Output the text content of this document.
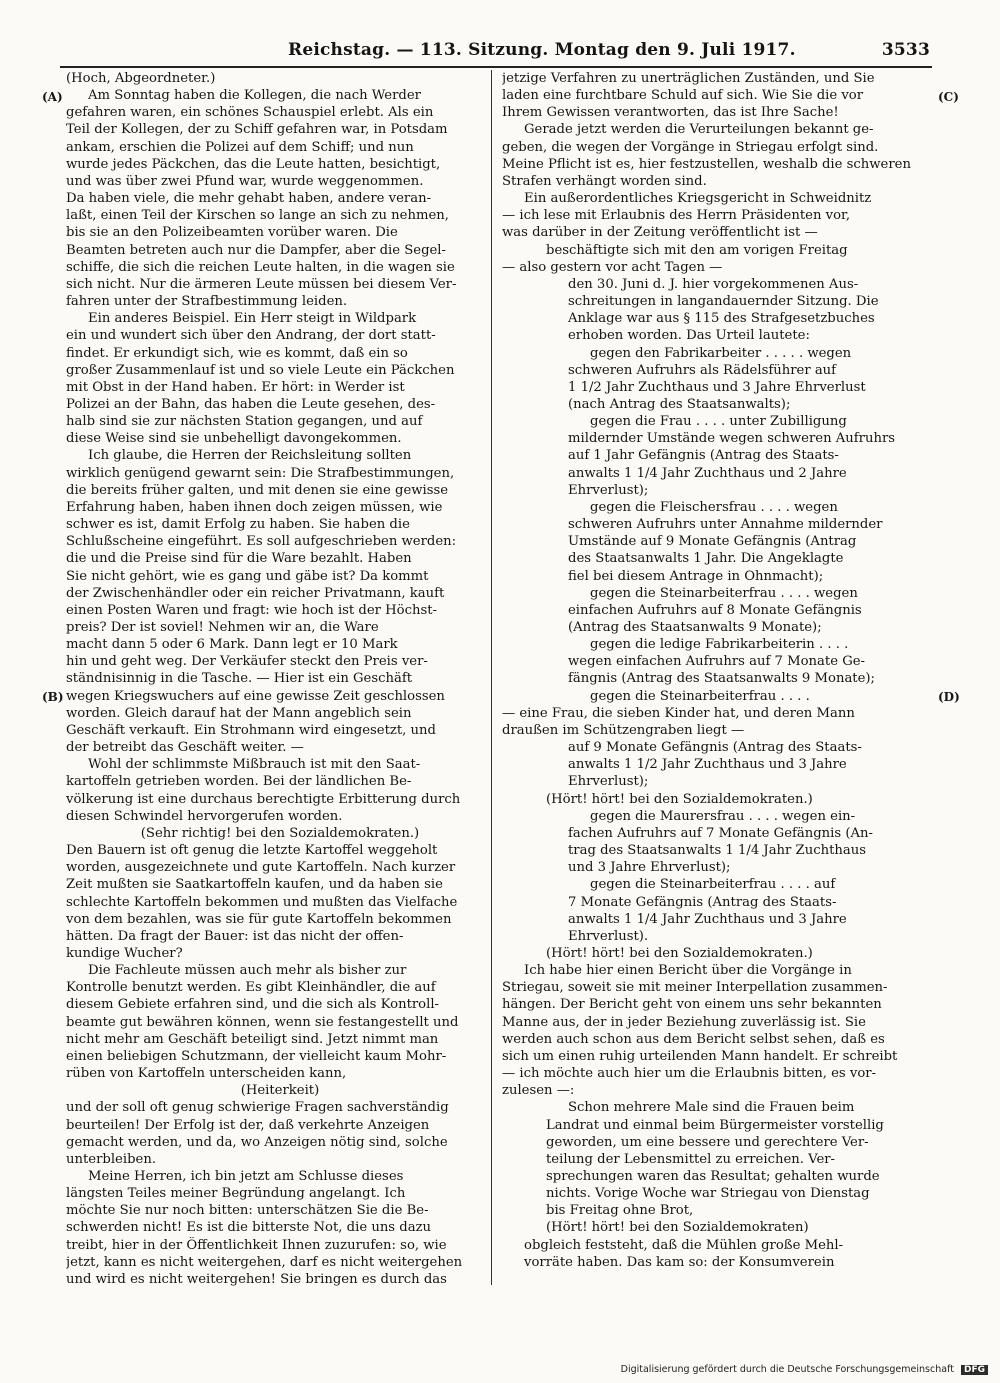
Reichstag. — 113. Sitzung. Montag den 9. Juli 1917.	3533
(A)
(B)
(C)
(D)
(Hoch, Abgeordneter.)
Am Sonntag haben die Kollegen, die nach Werder
gefahren waren, ein schönes Schauspiel erlebt. Als ein
Teil der Kollegen, der zu Schiff gefahren war, in Potsdam
ankam, erschien die Polizei auf dem Schiff; und nun
wurde jedes Päckchen, das die Leute hatten, besichtigt,
und was über zwei Pfund war, wurde weggenommen.
Da haben viele, die mehr gehabt haben, andere veran-
laßt, einen Teil der Kirschen so lange an sich zu nehmen,
bis sie an den Polizeibeamten vorüber waren. Die
Beamten betreten auch nur die Dampfer, aber die Segel-
schiffe, die sich die reichen Leute halten, in die wagen sie
sich nicht. Nur die ärmeren Leute müssen bei diesem Ver-
fahren unter der Strafbestimmung leiden.
Ein anderes Beispiel. Ein Herr steigt in Wildpark
ein und wundert sich über den Andrang, der dort statt-
findet. Er erkundigt sich, wie es kommt, daß ein so
großer Zusammenlauf ist und so viele Leute ein Päckchen
mit Obst in der Hand haben. Er hört: in Werder ist
Polizei an der Bahn, das haben die Leute gesehen, des-
halb sind sie zur nächsten Station gegangen, und auf
diese Weise sind sie unbehelligt davongekommen.
Ich glaube, die Herren der Reichsleitung sollten
wirklich genügend gewarnt sein: Die Strafbestimmungen,
die bereits früher galten, und mit denen sie eine gewisse
Erfahrung haben, haben ihnen doch zeigen müssen, wie
schwer es ist, damit Erfolg zu haben. Sie haben die
Schlußscheine eingeführt. Es soll aufgeschrieben werden:
die und die Preise sind für die Ware bezahlt. Haben
Sie nicht gehört, wie es gang und gäbe ist? Da kommt
der Zwischenhändler oder ein reicher Privatmann, kauft
einen Posten Waren und fragt: wie hoch ist der Höchst-
preis? Der ist soviel! Nehmen wir an, die Ware
macht dann 5 oder 6 Mark. Dann legt er 10 Mark
hin und geht weg. Der Verkäufer steckt den Preis ver-
ständnisinnig in die Tasche. — Hier ist ein Geschäft
wegen Kriegswuchers auf eine gewisse Zeit geschlossen
worden. Gleich darauf hat der Mann angeblich sein
Geschäft verkauft. Ein Strohmann wird eingesetzt, und
der betreibt das Geschäft weiter. —
Wohl der schlimmste Mißbrauch ist mit den Saat-
kartoffeln getrieben worden. Bei der ländlichen Be-
völkerung ist eine durchaus berechtigte Erbitterung durch
diesen Schwindel hervorgerufen worden.
(Sehr richtig! bei den Sozialdemokraten.)
Den Bauern ist oft genug die letzte Kartoffel weggeholt
worden, ausgezeichnete und gute Kartoffeln. Nach kurzer
Zeit mußten sie Saatkartoffeln kaufen, und da haben sie
schlechte Kartoffeln bekommen und mußten das Vielfache
von dem bezahlen, was sie für gute Kartoffeln bekommen
hätten. Da fragt der Bauer: ist das nicht der offen-
kundige Wucher?
Die Fachleute müssen auch mehr als bisher zur
Kontrolle benutzt werden. Es gibt Kleinhändler, die auf
diesem Gebiete erfahren sind, und die sich als Kontroll-
beamte gut bewähren können, wenn sie festangestellt und
nicht mehr am Geschäft beteiligt sind. Jetzt nimmt man
einen beliebigen Schutzmann, der vielleicht kaum Mohr-
rüben von Kartoffeln unterscheiden kann,
(Heiterkeit)
und der soll oft genug schwierige Fragen sachverständig
beurteilen! Der Erfolg ist der, daß verkehrte Anzeigen
gemacht werden, und da, wo Anzeigen nötig sind, solche
unterbleiben.
Meine Herren, ich bin jetzt am Schlusse dieses
längsten Teiles meiner Begründung angelangt. Ich
möchte Sie nur noch bitten: unterschätzen Sie die Be-
schwerden nicht! Es ist die bitterste Not, die uns dazu
treibt, hier in der Öffentlichkeit Ihnen zuzurufen: so, wie
jetzt, kann es nicht weitergehen, darf es nicht weitergehen
und wird es nicht weitergehen! Sie bringen es durch das
jetzige Verfahren zu unerträglichen Zuständen, und Sie
laden eine furchtbare Schuld auf sich. Wie Sie die vor
Ihrem Gewissen verantworten, das ist Ihre Sache!
Gerade jetzt werden die Verurteilungen bekannt ge-
geben, die wegen der Vorgänge in Striegau erfolgt sind.
Meine Pflicht ist es, hier festzustellen, weshalb die schweren
Strafen verhängt worden sind.
Ein außerordentliches Kriegsgericht in Schweidnitz
— ich lese mit Erlaubnis des Herrn Präsidenten vor,
was darüber in der Zeitung veröffentlicht ist —
beschäftigte sich mit den am vorigen Freitag
— also gestern vor acht Tagen —
den 30. Juni d. J. hier vorgekommenen Aus-
schreitungen in langandauernder Sitzung. Die
Anklage war aus § 115 des Strafgesetzbuches
erhoben worden. Das Urteil lautete:
gegen den Fabrikarbeiter . . . . . wegen
schweren Aufruhrs als Rädelsführer auf
1 1/2 Jahr Zuchthaus und 3 Jahre Ehrverlust
(nach Antrag des Staatsanwalts);
gegen die Frau . . . . unter Zubilligung
mildernder Umstände wegen schweren Aufruhrs
auf 1 Jahr Gefängnis (Antrag des Staats-
anwalts 1 1/4 Jahr Zuchthaus und 2 Jahre
Ehrverlust);
gegen die Fleischersfrau . . . . wegen
schweren Aufruhrs unter Annahme mildernder
Umstände auf 9 Monate Gefängnis (Antrag
des Staatsanwalts 1 Jahr. Die Angeklagte
fiel bei diesem Antrage in Ohnmacht);
gegen die Steinarbeiterfrau . . . . wegen
einfachen Aufruhrs auf 8 Monate Gefängnis
(Antrag des Staatsanwalts 9 Monate);
gegen die ledige Fabrikarbeiterin . . . .
wegen einfachen Aufruhrs auf 7 Monate Ge-
fängnis (Antrag des Staatsanwalts 9 Monate);
gegen die Steinarbeiterfrau . . . .
— eine Frau, die sieben Kinder hat, und deren Mann
draußen im Schützengraben liegt —
auf 9 Monate Gefängnis (Antrag des Staats-
anwalts 1 1/2 Jahr Zuchthaus und 3 Jahre
Ehrverlust);
(Hört! hört! bei den Sozialdemokraten.)
gegen die Maurersfrau . . . . wegen ein-
fachen Aufruhrs auf 7 Monate Gefängnis (An-
trag des Staatsanwalts 1 1/4 Jahr Zuchthaus
und 3 Jahre Ehrverlust);
gegen die Steinarbeiterfrau . . . . auf
7 Monate Gefängnis (Antrag des Staats-
anwalts 1 1/4 Jahr Zuchthaus und 3 Jahre
Ehrverlust).
(Hört! hört! bei den Sozialdemokraten.)
Ich habe hier einen Bericht über die Vorgänge in
Striegau, soweit sie mit meiner Interpellation zusammen-
hängen. Der Bericht geht von einem uns sehr bekannten
Manne aus, der in jeder Beziehung zuverlässig ist. Sie
werden auch schon aus dem Bericht selbst sehen, daß es
sich um einen ruhig urteilenden Mann handelt. Er schreibt
— ich möchte auch hier um die Erlaubnis bitten, es vor-
zulesen —:
Schon mehrere Male sind die Frauen beim
Landrat und einmal beim Bürgermeister vorstellig
geworden, um eine bessere und gerechtere Ver-
teilung der Lebensmittel zu erreichen. Ver-
sprechungen waren das Resultat; gehalten wurde
nichts. Vorige Woche war Striegau von Dienstag
bis Freitag ohne Brot,
(Hört! hört! bei den Sozialdemokraten)
obgleich feststeht, daß die Mühlen große Mehl-
vorräte haben. Das kam so: der Konsumverein
Digitalisierung gefördert durch die Deutsche Forschungsgemeinschaft DFG
